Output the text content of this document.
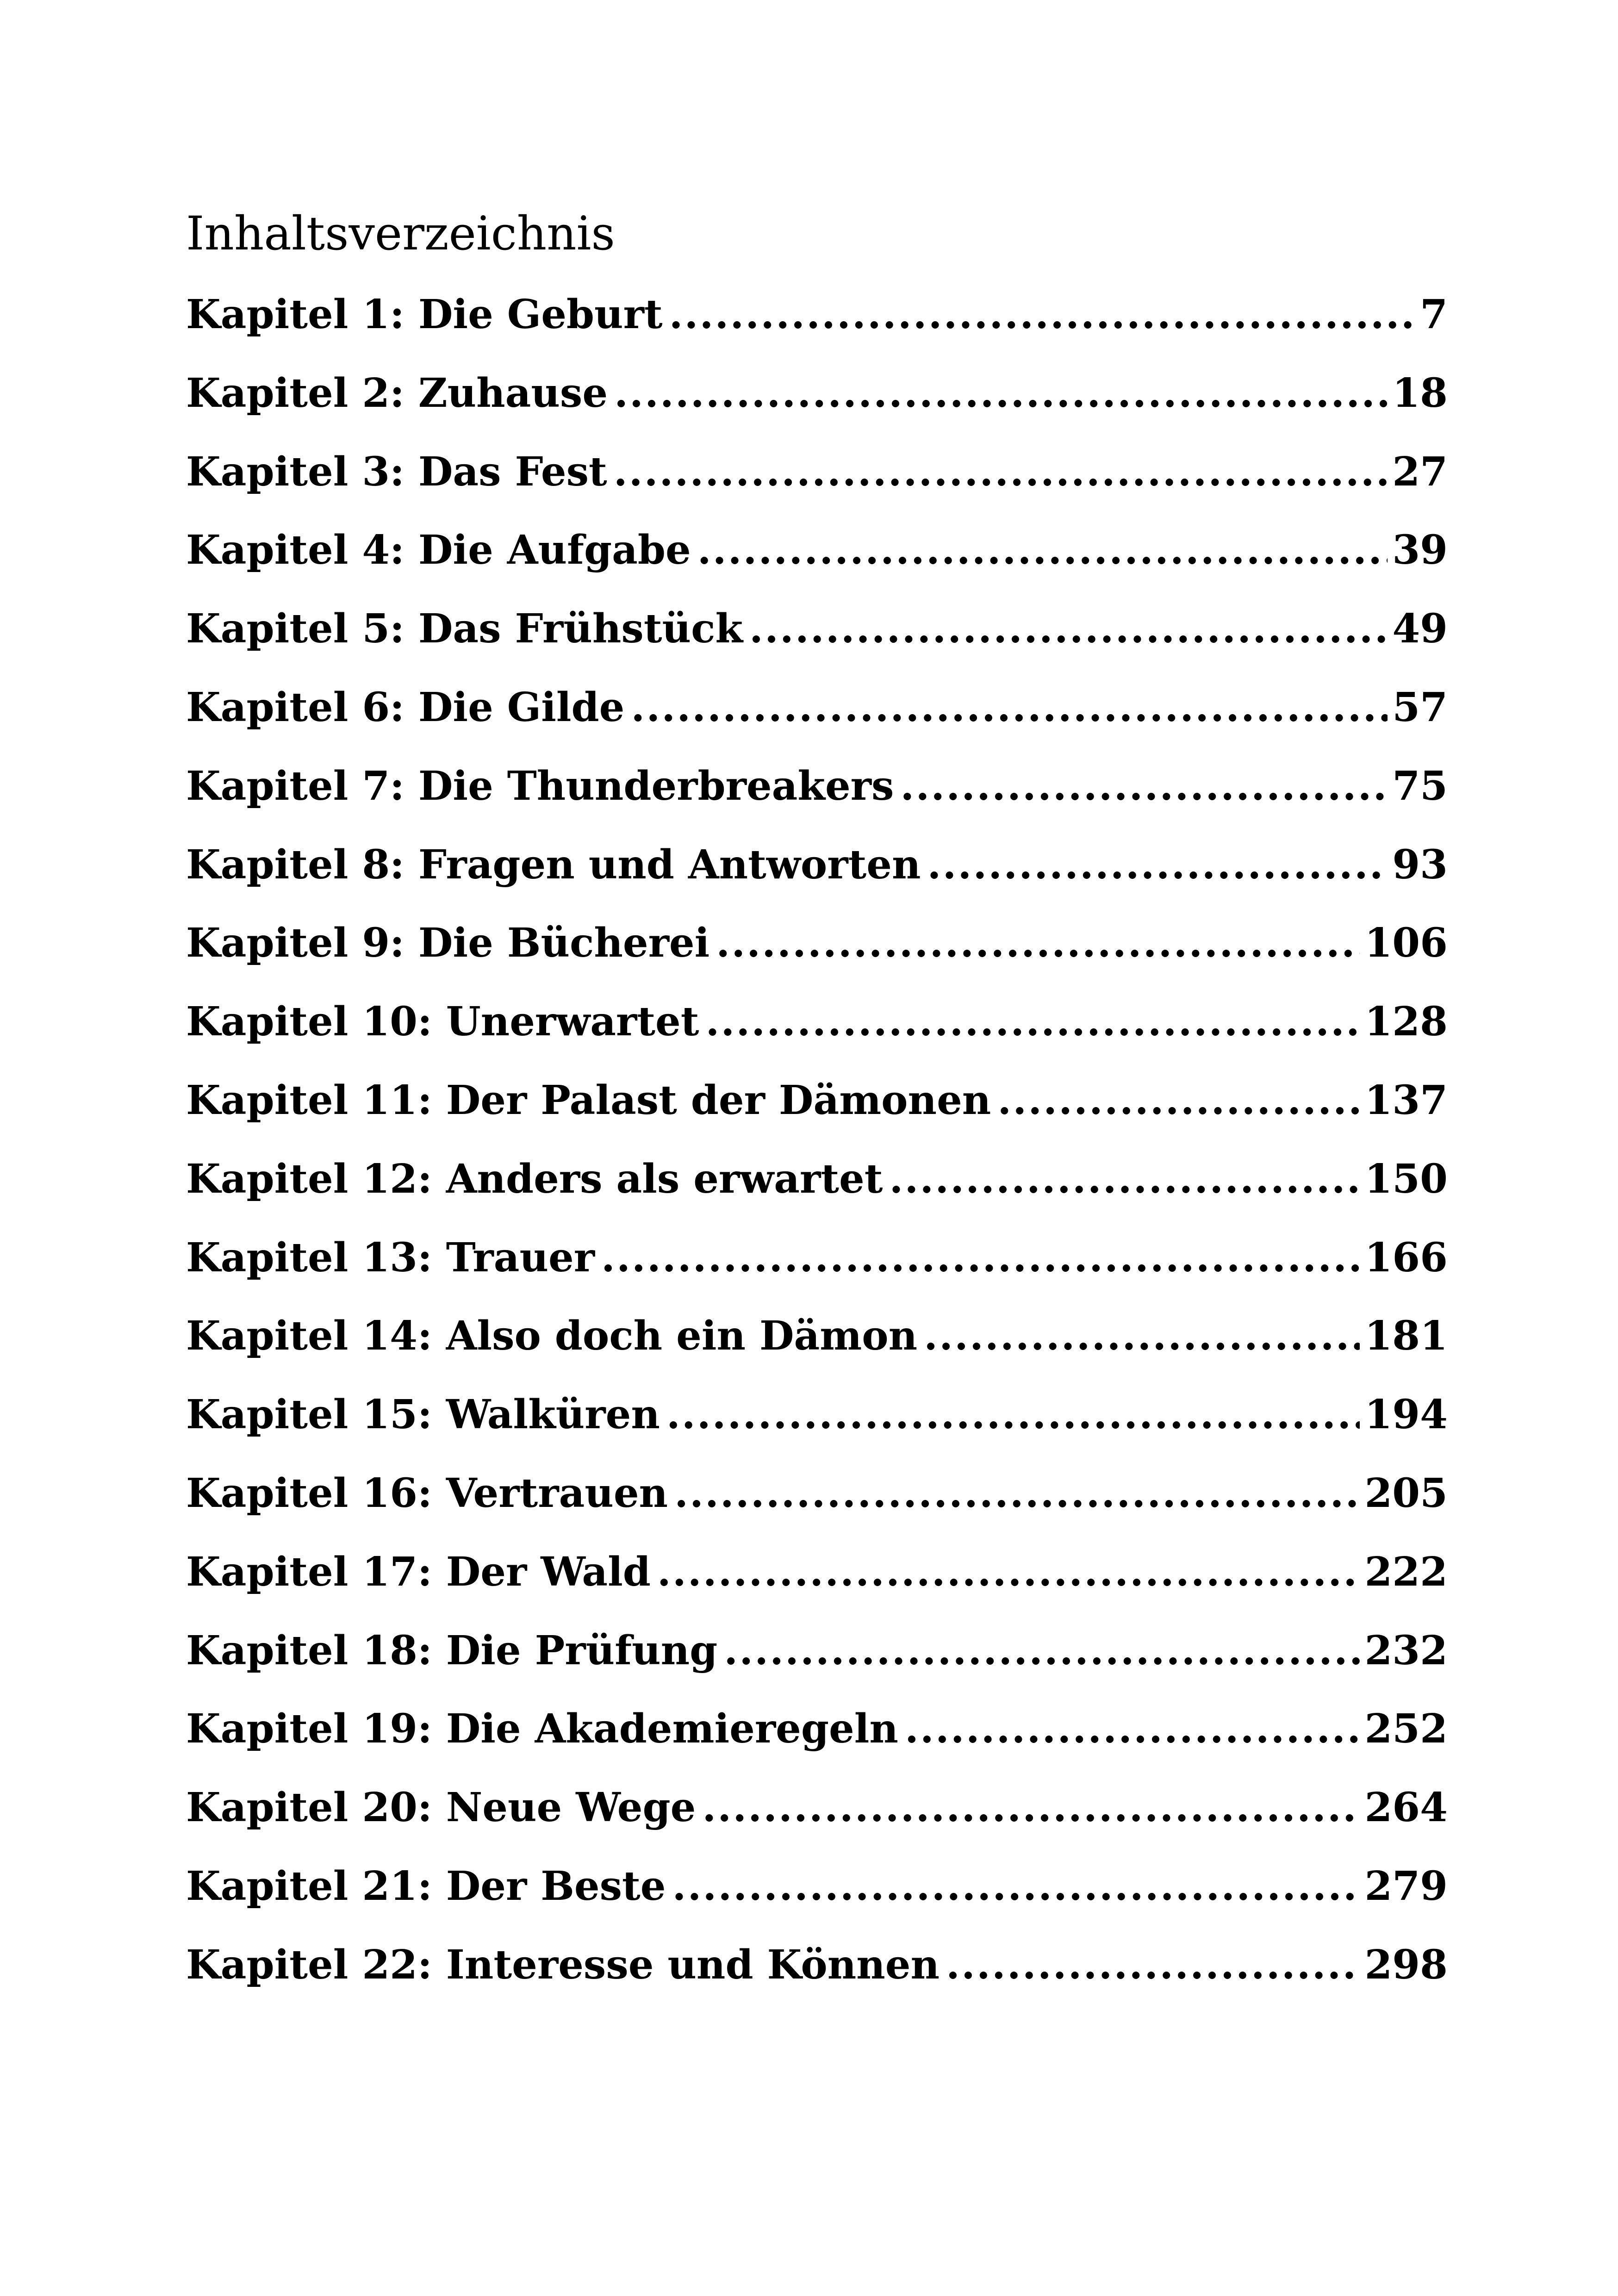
Inhaltsverzeichnis
Kapitel 1: Die Geburt .....	7
Kapitel 2: Zuhause .....	18
Kapitel 3: Das Fest .....	27
Kapitel 4: Die Aufgabe .....	39
Kapitel 5: Das Frühstück .....	49
Kapitel 6: Die Gilde .....	57
Kapitel 7: Die Thunderbreakers .....	75
Kapitel 8: Fragen und Antworten .....	93
Kapitel 9: Die Bücherei .....	106
Kapitel 10: Unerwartet .....	128
Kapitel 11: Der Palast der Dämonen .....	137
Kapitel 12: Anders als erwartet .....	150
Kapitel 13: Trauer .....	166
Kapitel 14: Also doch ein Dämon .....	181
Kapitel 15: Walküren .....	194
Kapitel 16: Vertrauen .....	205
Kapitel 17: Der Wald .....	222
Kapitel 18: Die Prüfung .....	232
Kapitel 19: Die Akademieregeln .....	252
Kapitel 20: Neue Wege .....	264
Kapitel 21: Der Beste .....	279
Kapitel 22: Interesse und Können .....	298
